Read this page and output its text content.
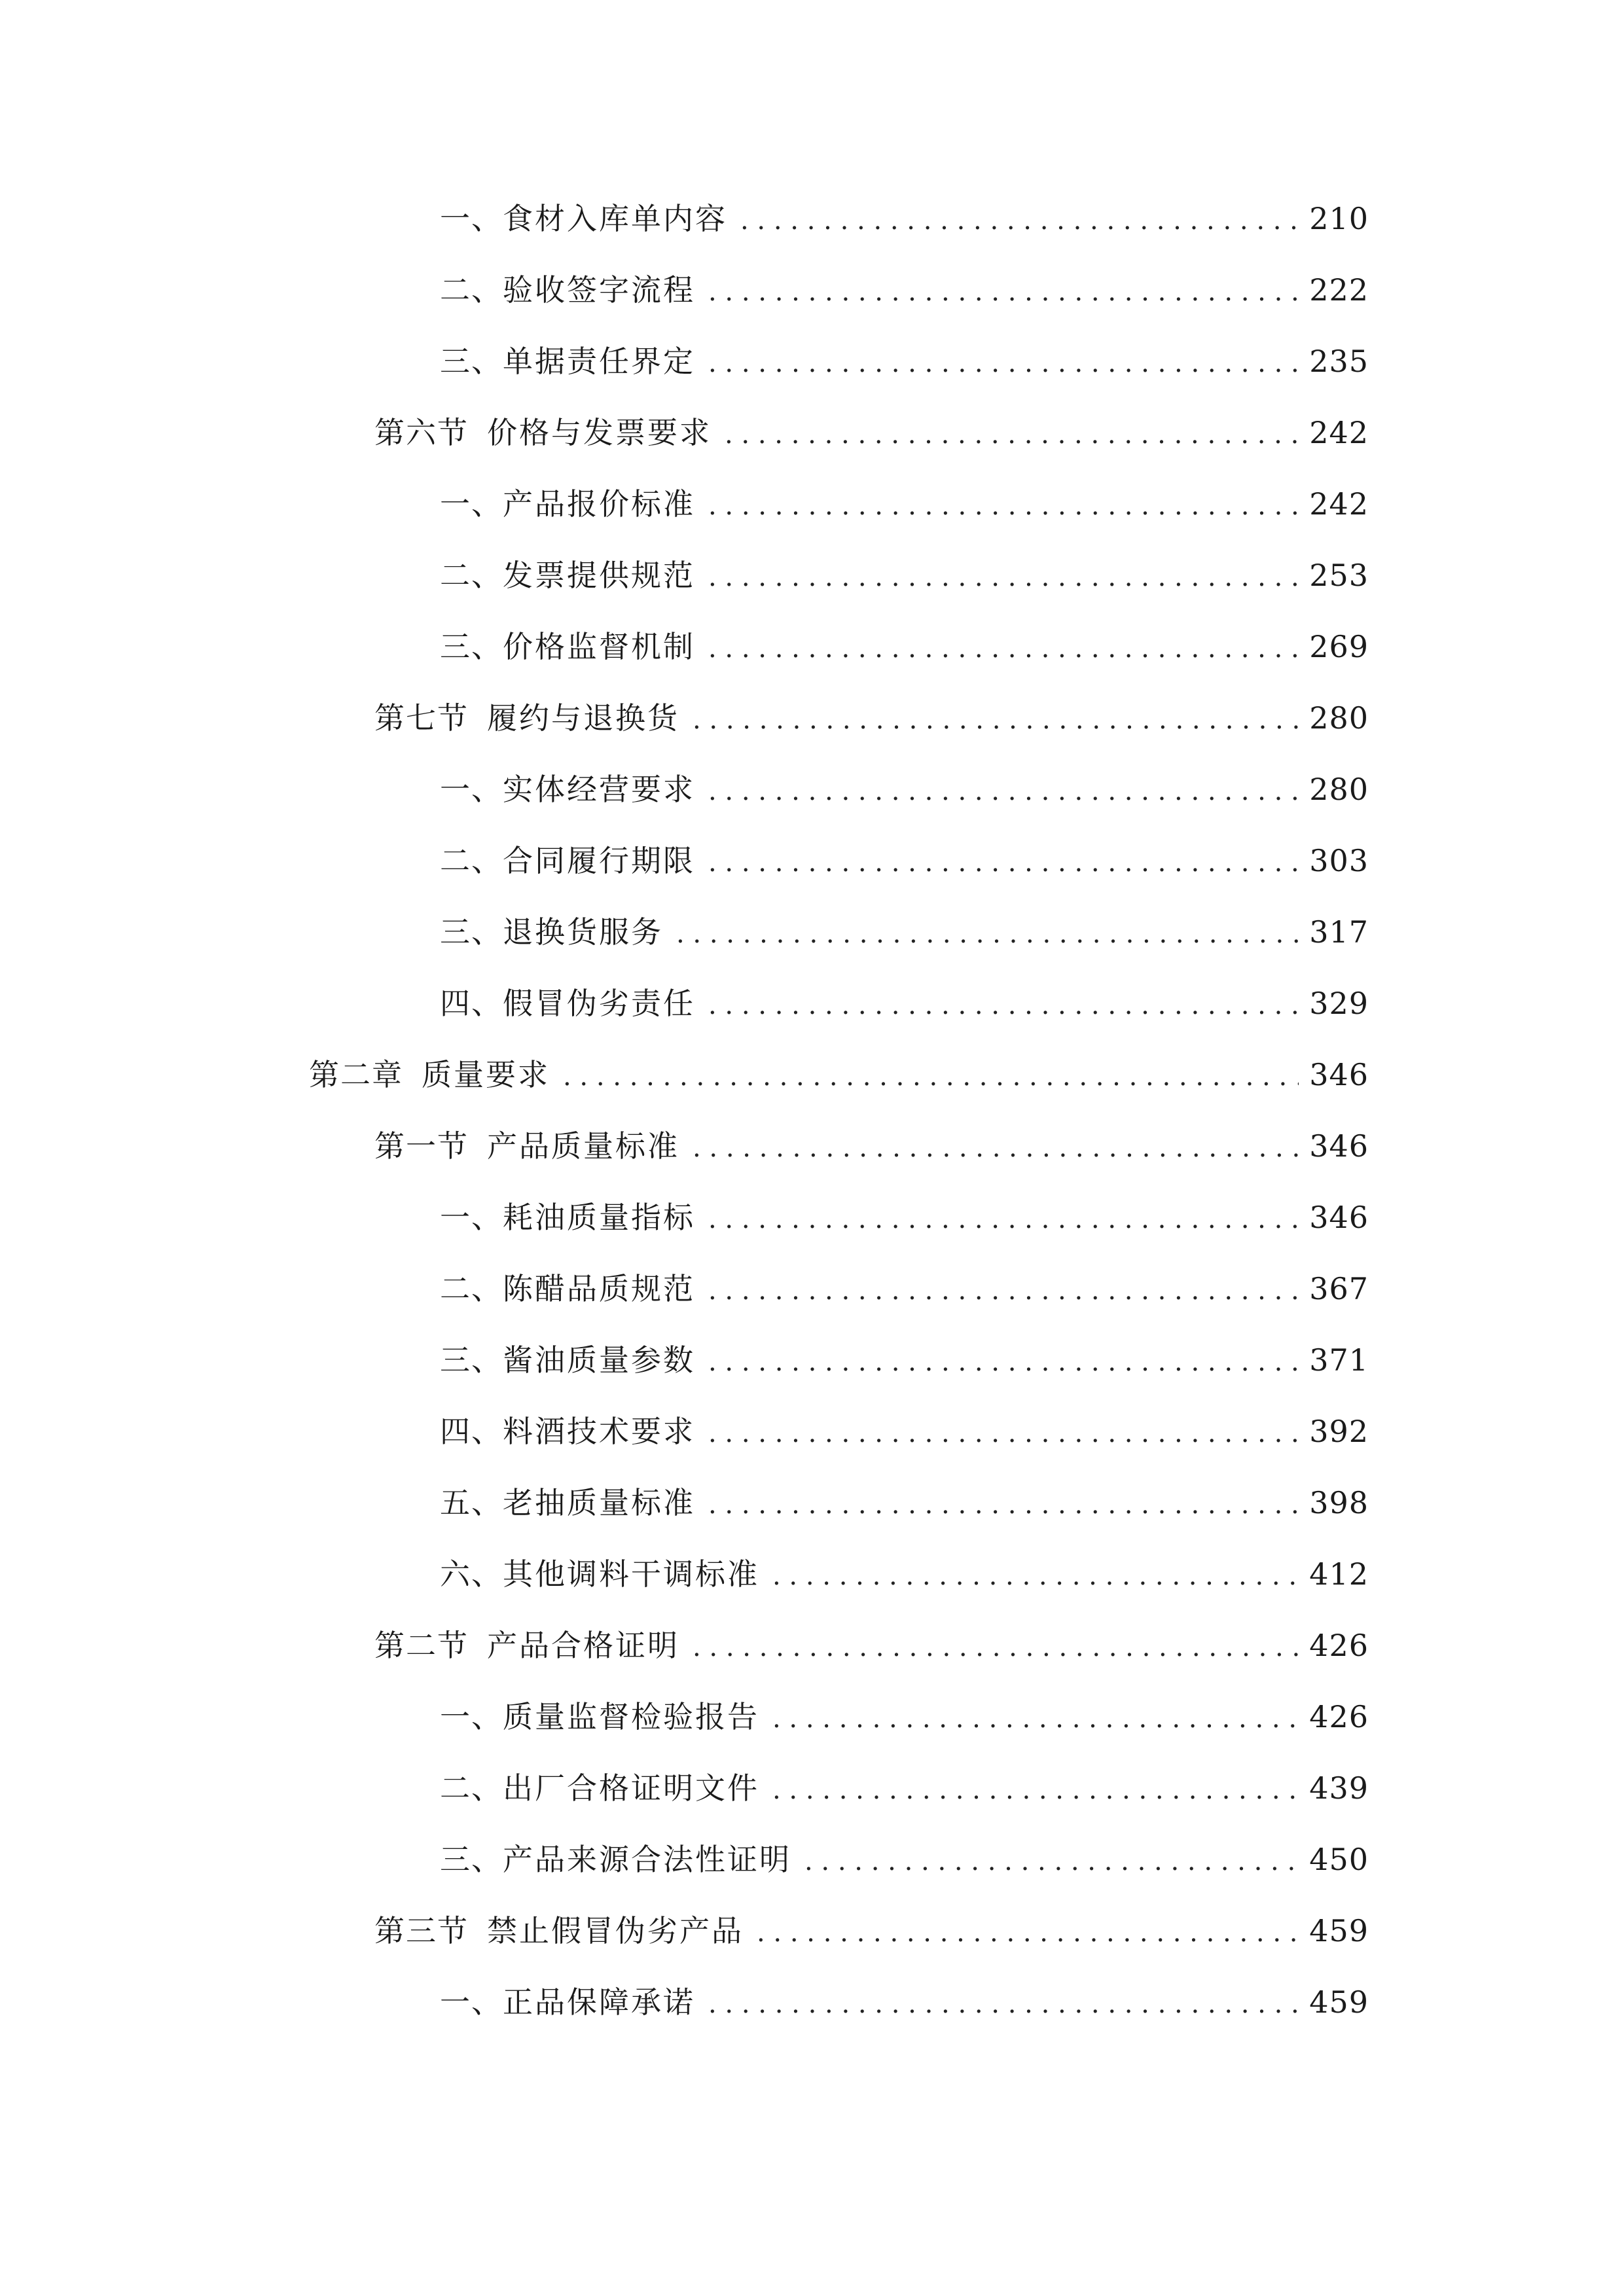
一、 食材入库单内容 . . .	210
二、 验收签字流程 . . .	222
三、 单据责任界定 . . .	235
第六节 价格与发票要求 . . .	242
一、 产品报价标准 . . .	242
二、 发票提供规范 . . .	253
三、 价格监督机制 . . .	269
第七节 履约与退换货 . . .	280
一、 实体经营要求 . . .	280
二、 合同履行期限 . . .	303
三、 退换货服务 . . .	317
四、 假冒伪劣责任 . . .	329
第二章 质量要求 . . .	346
第一节 产品质量标准 . . .	346
一、 耗油质量指标 . . .	346
二、 陈醋品质规范 . . .	367
三、 酱油质量参数 . . .	371
四、 料酒技术要求 . . .	392
五、 老抽质量标准 . . .	398
六、 其他调料干调标准 . . .	412
第二节 产品合格证明 . . .	426
一、 质量监督检验报告 . . .	426
二、 出厂合格证明文件 . . .	439
三、 产品来源合法性证明 . . .	450
第三节 禁止假冒伪劣产品 . . .	459
一、 正品保障承诺 . . .	459
